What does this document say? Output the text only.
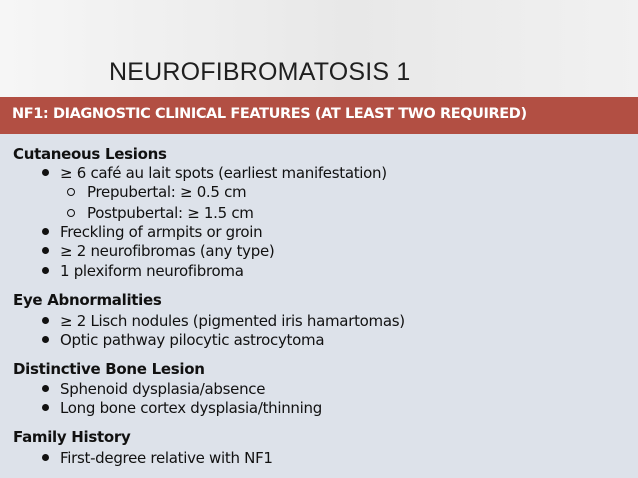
NEUROFIBROMATOSIS 1
NF1: DIAGNOSTIC CLINICAL FEATURES (AT LEAST TWO REQUIRED)
Cutaneous Lesions
≥ 6 café au lait spots (earliest manifestation)
Prepubertal: ≥ 0.5 cm
Postpubertal: ≥ 1.5 cm
Freckling of armpits or groin
≥ 2 neurofibromas (any type)
1 plexiform neurofibroma
Eye Abnormalities
≥ 2 Lisch nodules (pigmented iris hamartomas)
Optic pathway pilocytic astrocytoma
Distinctive Bone Lesion
Sphenoid dysplasia/absence
Long bone cortex dysplasia/thinning
Family History
First-degree relative with NF1
